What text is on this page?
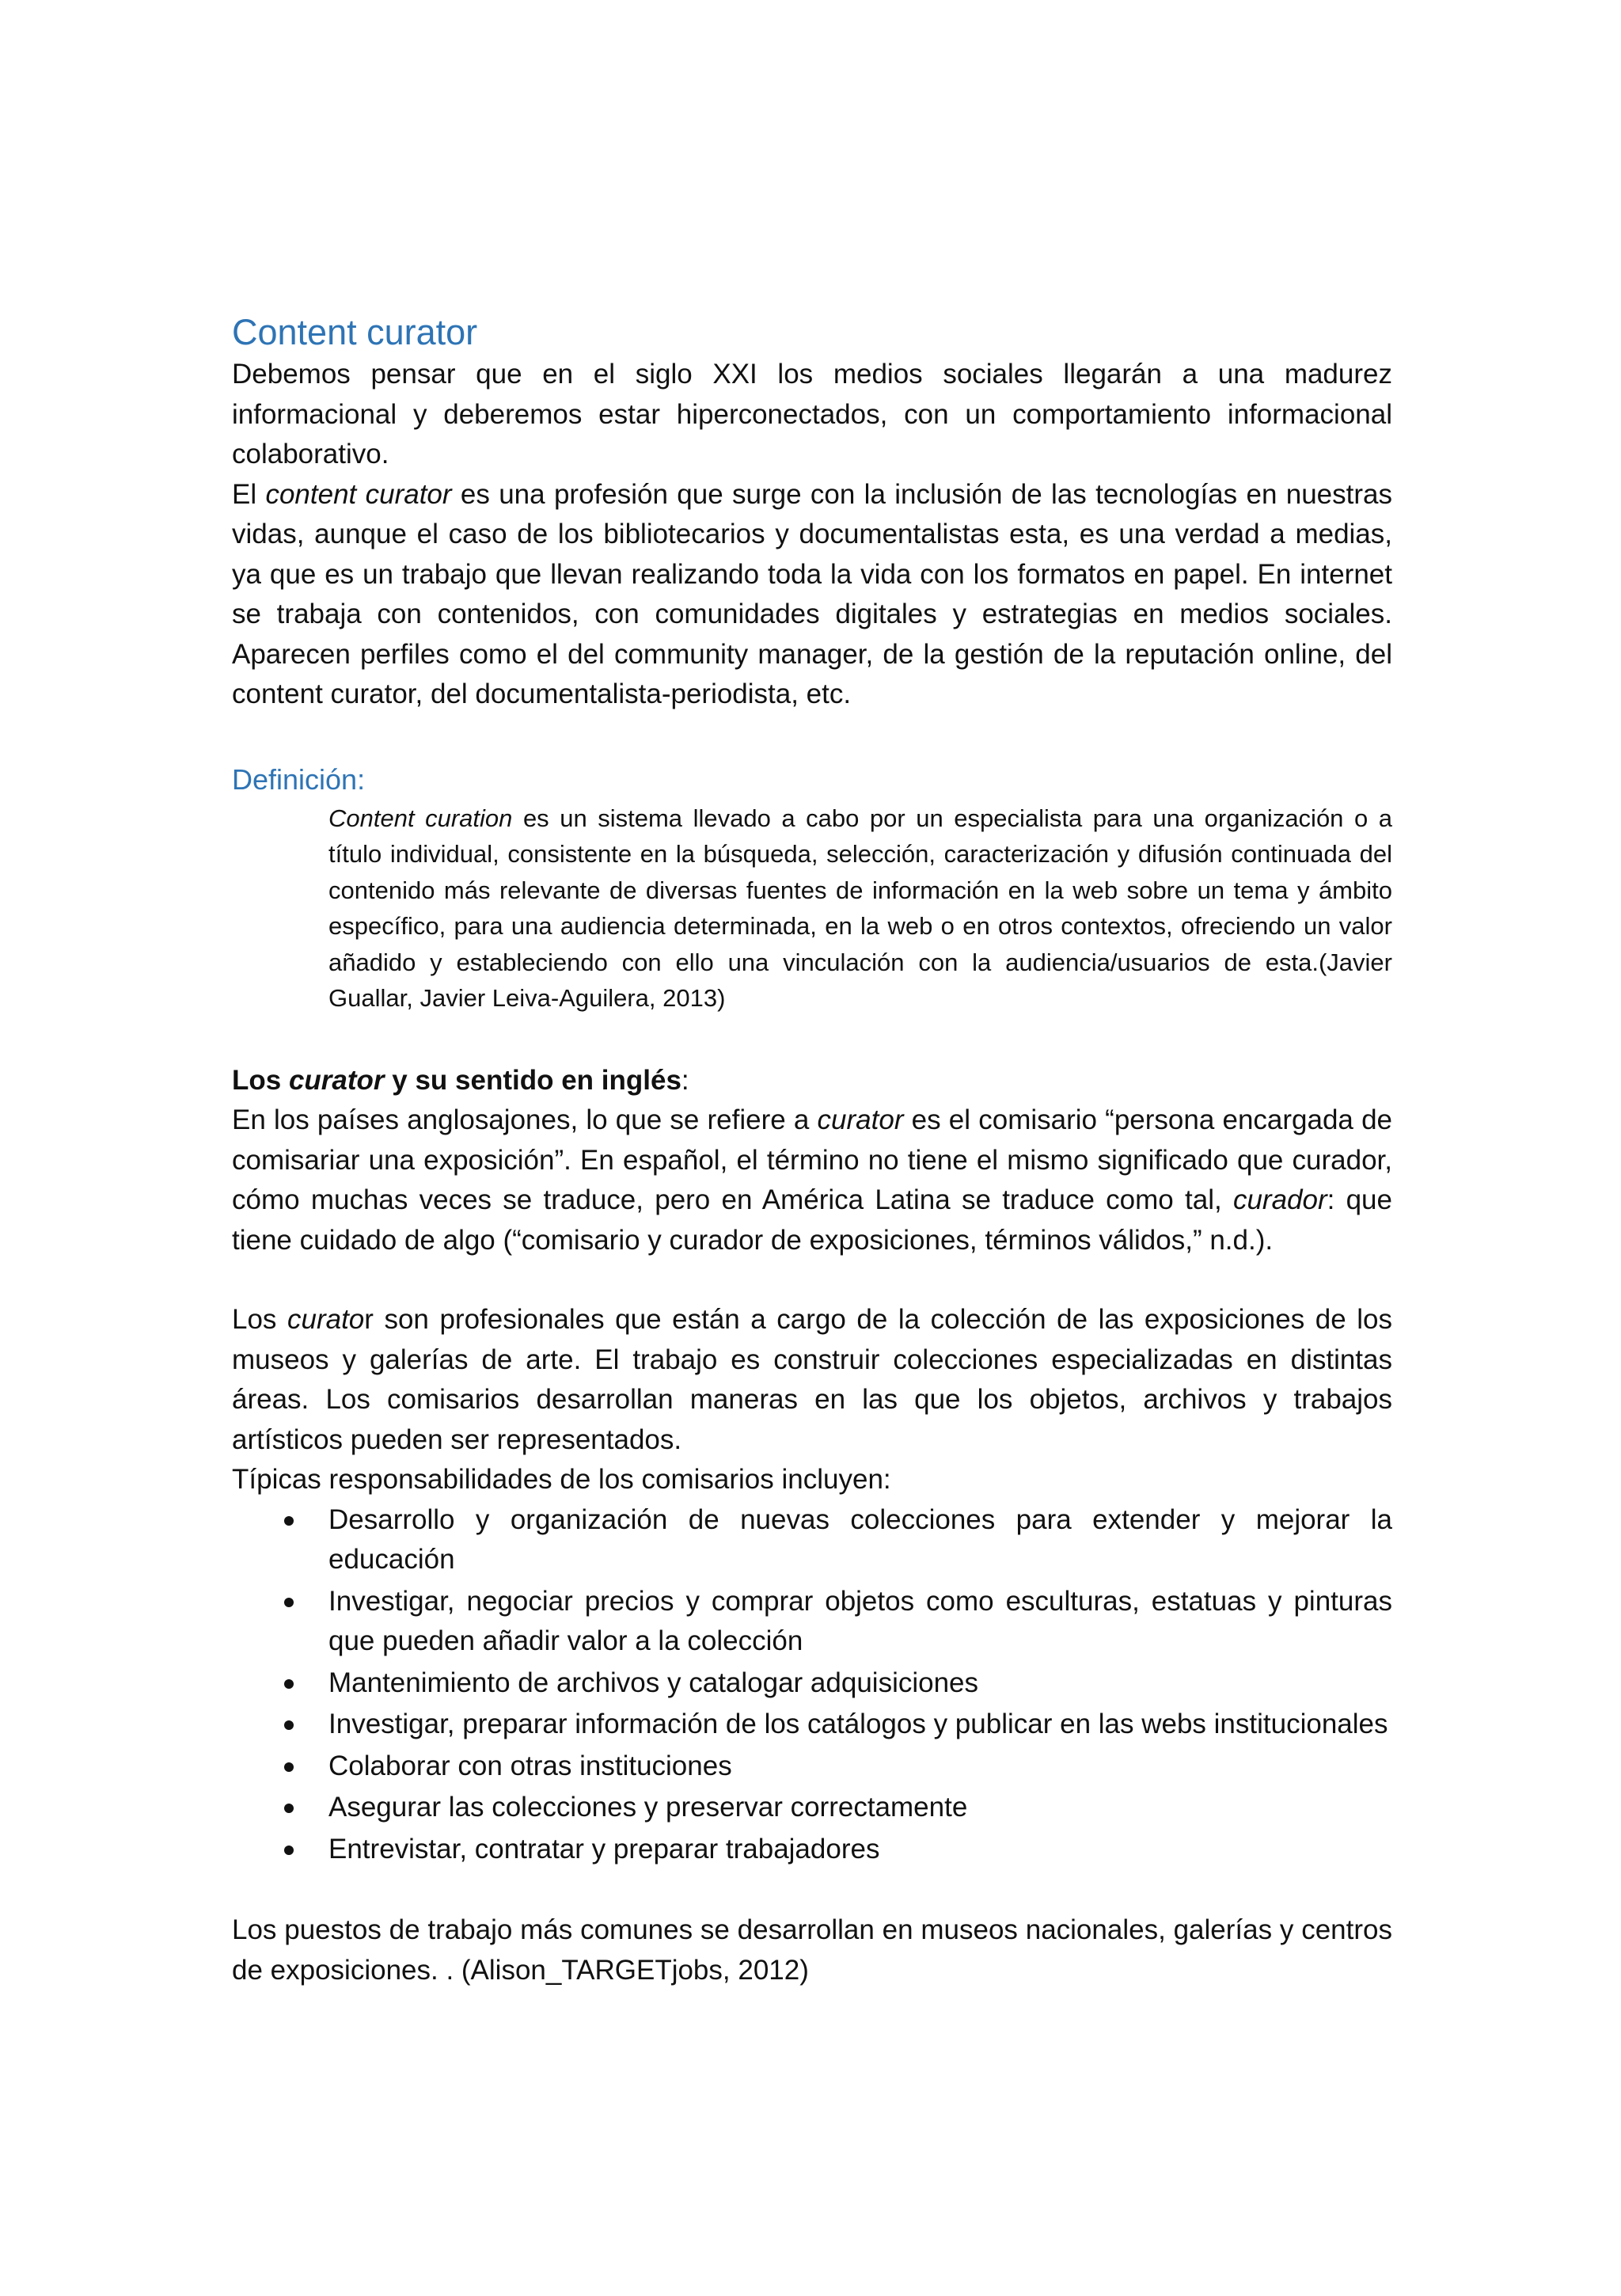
Content curator

Debemos pensar que en el siglo XXI los medios sociales llegarán a una madurez informacional y deberemos estar hiperconectados, con un comportamiento informacional colaborativo.

El content curator es una profesión que surge con la inclusión de las tecnologías en nuestras vidas, aunque el caso de los bibliotecarios y documentalistas esta, es una verdad a medias, ya que es un trabajo que llevan realizando toda la vida con los formatos en papel. En internet se trabaja con contenidos, con comunidades digitales y estrategias en medios sociales. Aparecen perfiles como el del community manager, de la gestión de la reputación online, del content curator, del documentalista-periodista, etc.

Definición:

Content curation es un sistema llevado a cabo por un especialista para una organización o a título individual, consistente en la búsqueda, selección, caracterización y difusión continuada del contenido más relevante de diversas fuentes de información en la web sobre un tema y ámbito específico, para una audiencia determinada, en la web o en otros contextos, ofreciendo un valor añadido y estableciendo con ello una vinculación con la audiencia/usuarios de esta.(Javier Guallar, Javier Leiva-Aguilera, 2013)

Los curator y su sentido en inglés:

En los países anglosajones, lo que se refiere a curator es el comisario “persona encargada de comisariar una exposición”. En español, el término no tiene el mismo significado que curador, cómo muchas veces se traduce, pero en América Latina se traduce como tal, curador: que tiene cuidado de algo (“comisario y curador de exposiciones, términos válidos,” n.d.).

Los curator son profesionales que están a cargo de la colección de las exposiciones de los museos y galerías de arte. El trabajo es construir colecciones especializadas en distintas áreas. Los comisarios desarrollan maneras en las que los objetos, archivos y trabajos artísticos pueden ser representados.

Típicas responsabilidades de los comisarios incluyen:

Desarrollo y organización de nuevas colecciones para extender y mejorar la educación
Investigar, negociar precios y comprar objetos como esculturas, estatuas y pinturas que pueden añadir valor a la colección
Mantenimiento de archivos y catalogar adquisiciones
Investigar, preparar información de los catálogos y publicar en las webs institucionales
Colaborar con otras instituciones
Asegurar las colecciones y preservar correctamente
Entrevistar, contratar y preparar trabajadores

Los puestos de trabajo más comunes se desarrollan en museos nacionales, galerías y centros de exposiciones. . (Alison_TARGETjobs, 2012)
